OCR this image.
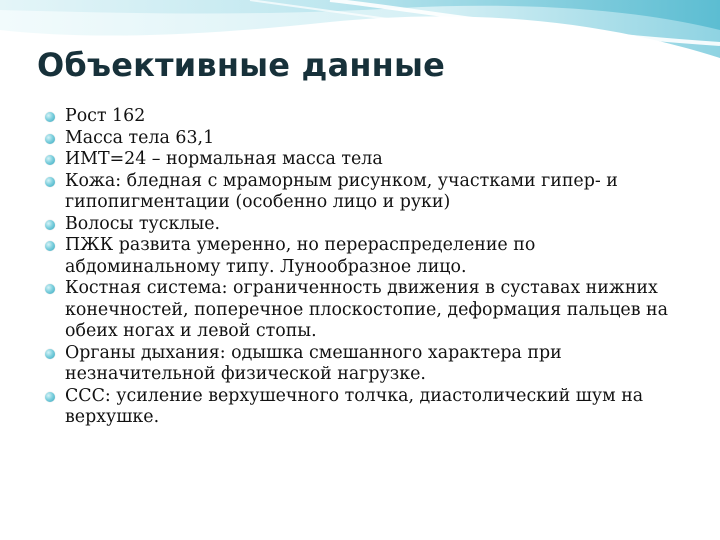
Объективные данные
Рост 162
Масса тела 63,1
ИМТ=24 – нормальная масса тела
Кожа: бледная с мраморным рисунком, участками гипер- и гипопигментации (особенно лицо и руки)
Волосы тусклые.
ПЖК развита умеренно, но перераспределение по абдоминальному типу. Лунообразное лицо.
Костная система: ограниченность движения в суставах нижних конечностей, поперечное плоскостопие, деформация пальцев на обеих ногах и левой стопы.
Органы дыхания: одышка смешанного характера при незначительной физической нагрузке.
ССС: усиление верхушечного толчка, диастолический шум на верхушке.
